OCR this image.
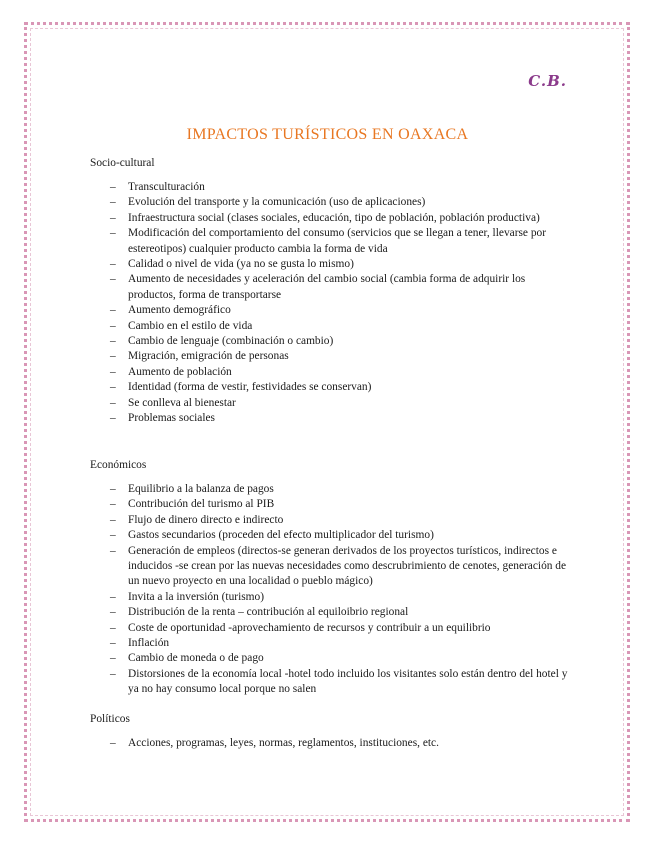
C.B.
IMPACTOS TURÍSTICOS EN OAXACA

Socio-cultural

– Transculturación
– Evolución del transporte y la comunicación (uso de aplicaciones)
– Infraestructura social (clases sociales, educación, tipo de población, población productiva)
– Modificación del comportamiento del consumo (servicios que se llegan a tener, llevarse por estereotipos) cualquier producto cambia la forma de vida
– Calidad o nivel de vida (ya no se gusta lo mismo)
– Aumento de necesidades y aceleración del cambio social (cambia forma de adquirir los productos, forma de transportarse
– Aumento demográfico
– Cambio en el estilo de vida
– Cambio de lenguaje (combinación o cambio)
– Migración, emigración de personas
– Aumento de población
– Identidad (forma de vestir, festividades se conservan)
– Se conlleva al bienestar
– Problemas sociales

Económicos

– Equilibrio a la balanza de pagos
– Contribución del turismo al PIB
– Flujo de dinero directo e indirecto
– Gastos secundarios (proceden del efecto multiplicador del turismo)
– Generación de empleos (directos-se generan derivados de los proyectos turísticos, indirectos e inducidos -se crean por las nuevas necesidades como descrubrimiento de cenotes, generación de un nuevo proyecto en una localidad o pueblo mágico)
– Invita a la inversión (turismo)
– Distribución de la renta – contribución al equiloibrio regional
– Coste de oportunidad -aprovechamiento de recursos y contribuir a un equilibrio
– Inflación
– Cambio de moneda o de pago
– Distorsiones de la economía local -hotel todo incluido los visitantes solo están dentro del hotel y ya no hay consumo local porque no salen

Políticos

– Acciones, programas, leyes, normas, reglamentos, instituciones, etc.
